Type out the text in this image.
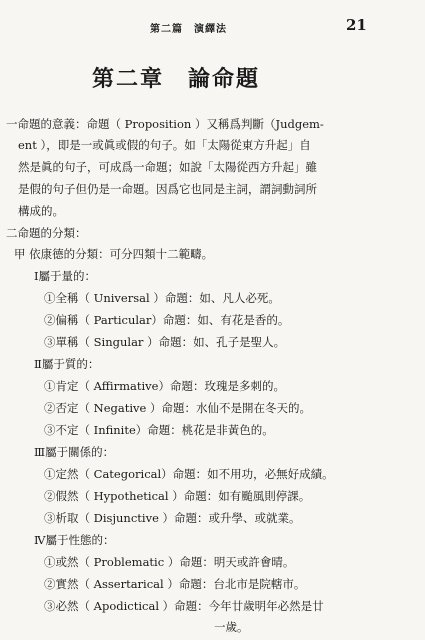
第二篇　演繹法	21
第二章　論命題
一命題的意義：命題（ Proposition ）又稱爲判斷（Judgem-
ent ），即是一或眞或假的句子。如「太陽從東方升起」自
然是眞的句子，可成爲一命題；如說「太陽從西方升起」雖
是假的句子但仍是一命題。因爲它也同是主詞，謂詞動詞所
構成的。
二命題的分類：
甲 依康德的分類：可分四類十二範疇。
Ⅰ屬于量的：
①全稱（ Universal ）命題：如、凡人必死。
②偏稱（ Particular）命題：如、有花是香的。
③單稱（ Singular ）命題：如、孔子是聖人。
Ⅱ屬于質的：
①肯定（ Affirmative）命題：玫瑰是多刺的。
②否定（ Negative ）命題：水仙不是開在冬天的。
③不定（ Infinite）命題：桃花是非黃色的。
Ⅲ屬于關係的：
①定然（ Categorical）命題：如不用功，必無好成績。
②假然（ Hypothetical ）命題：如有颱風則停課。
③析取（ Disjunctive ）命題：或升學、或就業。
Ⅳ屬于性態的：
①或然（ Problematic ）命題：明天或許會晴。
②實然（ Assertarical ）命題：台北市是院轄市。
③必然（ Apodictical ）命題：今年廿歲明年必然是廿
一歲。
